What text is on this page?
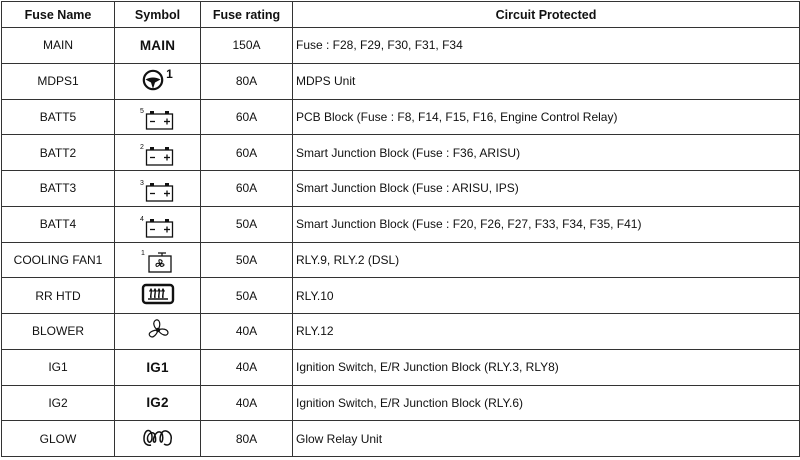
Fuse Name	Symbol	Fuse rating	Circuit Protected
MAIN	MAIN	150A	Fuse : F28, F29, F30, F31, F34
MDPS1	1	80A	MDPS Unit
BATT5	5	60A	PCB Block (Fuse : F8, F14, F15, F16, Engine Control Relay)
BATT2	2	60A	Smart Junction Block (Fuse : F36, ARISU)
BATT3	3	60A	Smart Junction Block (Fuse : ARISU, IPS)
BATT4	4	50A	Smart Junction Block (Fuse : F20, F26, F27, F33, F34, F35, F41)
COOLING FAN1	1	50A	RLY.9, RLY.2 (DSL)
RR HTD		50A	RLY.10
BLOWER		40A	RLY.12
IG1	IG1	40A	Ignition Switch, E/R Junction Block (RLY.3, RLY8)
IG2	IG2	40A	Ignition Switch, E/R Junction Block (RLY.6)
GLOW		80A	Glow Relay Unit
